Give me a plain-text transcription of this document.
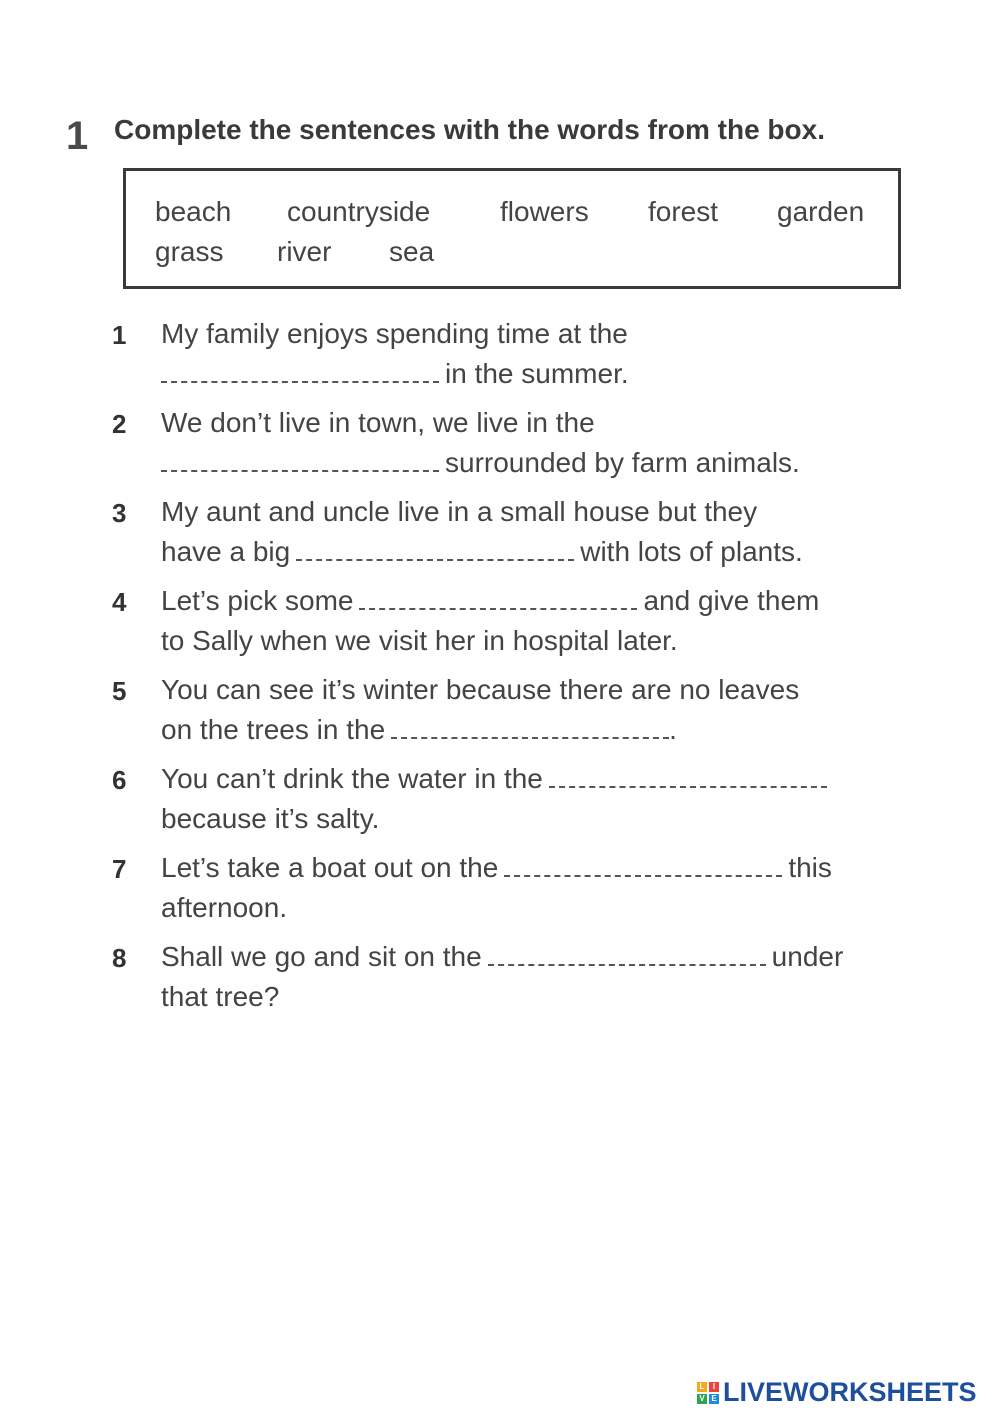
1 Complete the sentences with the words from the box.
beach countryside flowers forest garden
grass river sea
1 My family enjoys spending time at the
in the summer.
2 We don’t live in town, we live in the
surrounded by farm animals.
3 My aunt and uncle live in a small house but they
have a big	with lots of plants.
4 Let’s pick some	and give them
to Sally when we visit her in hospital later.
5 You can see it’s winter because there are no leaves
on the trees in the	.
6 You can’t drink the water in the
because it’s salty.
7 Let’s take a boat out on the	this
afternoon.
8 Shall we go and sit on the	under
that tree?
L	I
V E LIVEWORKSHEETS
